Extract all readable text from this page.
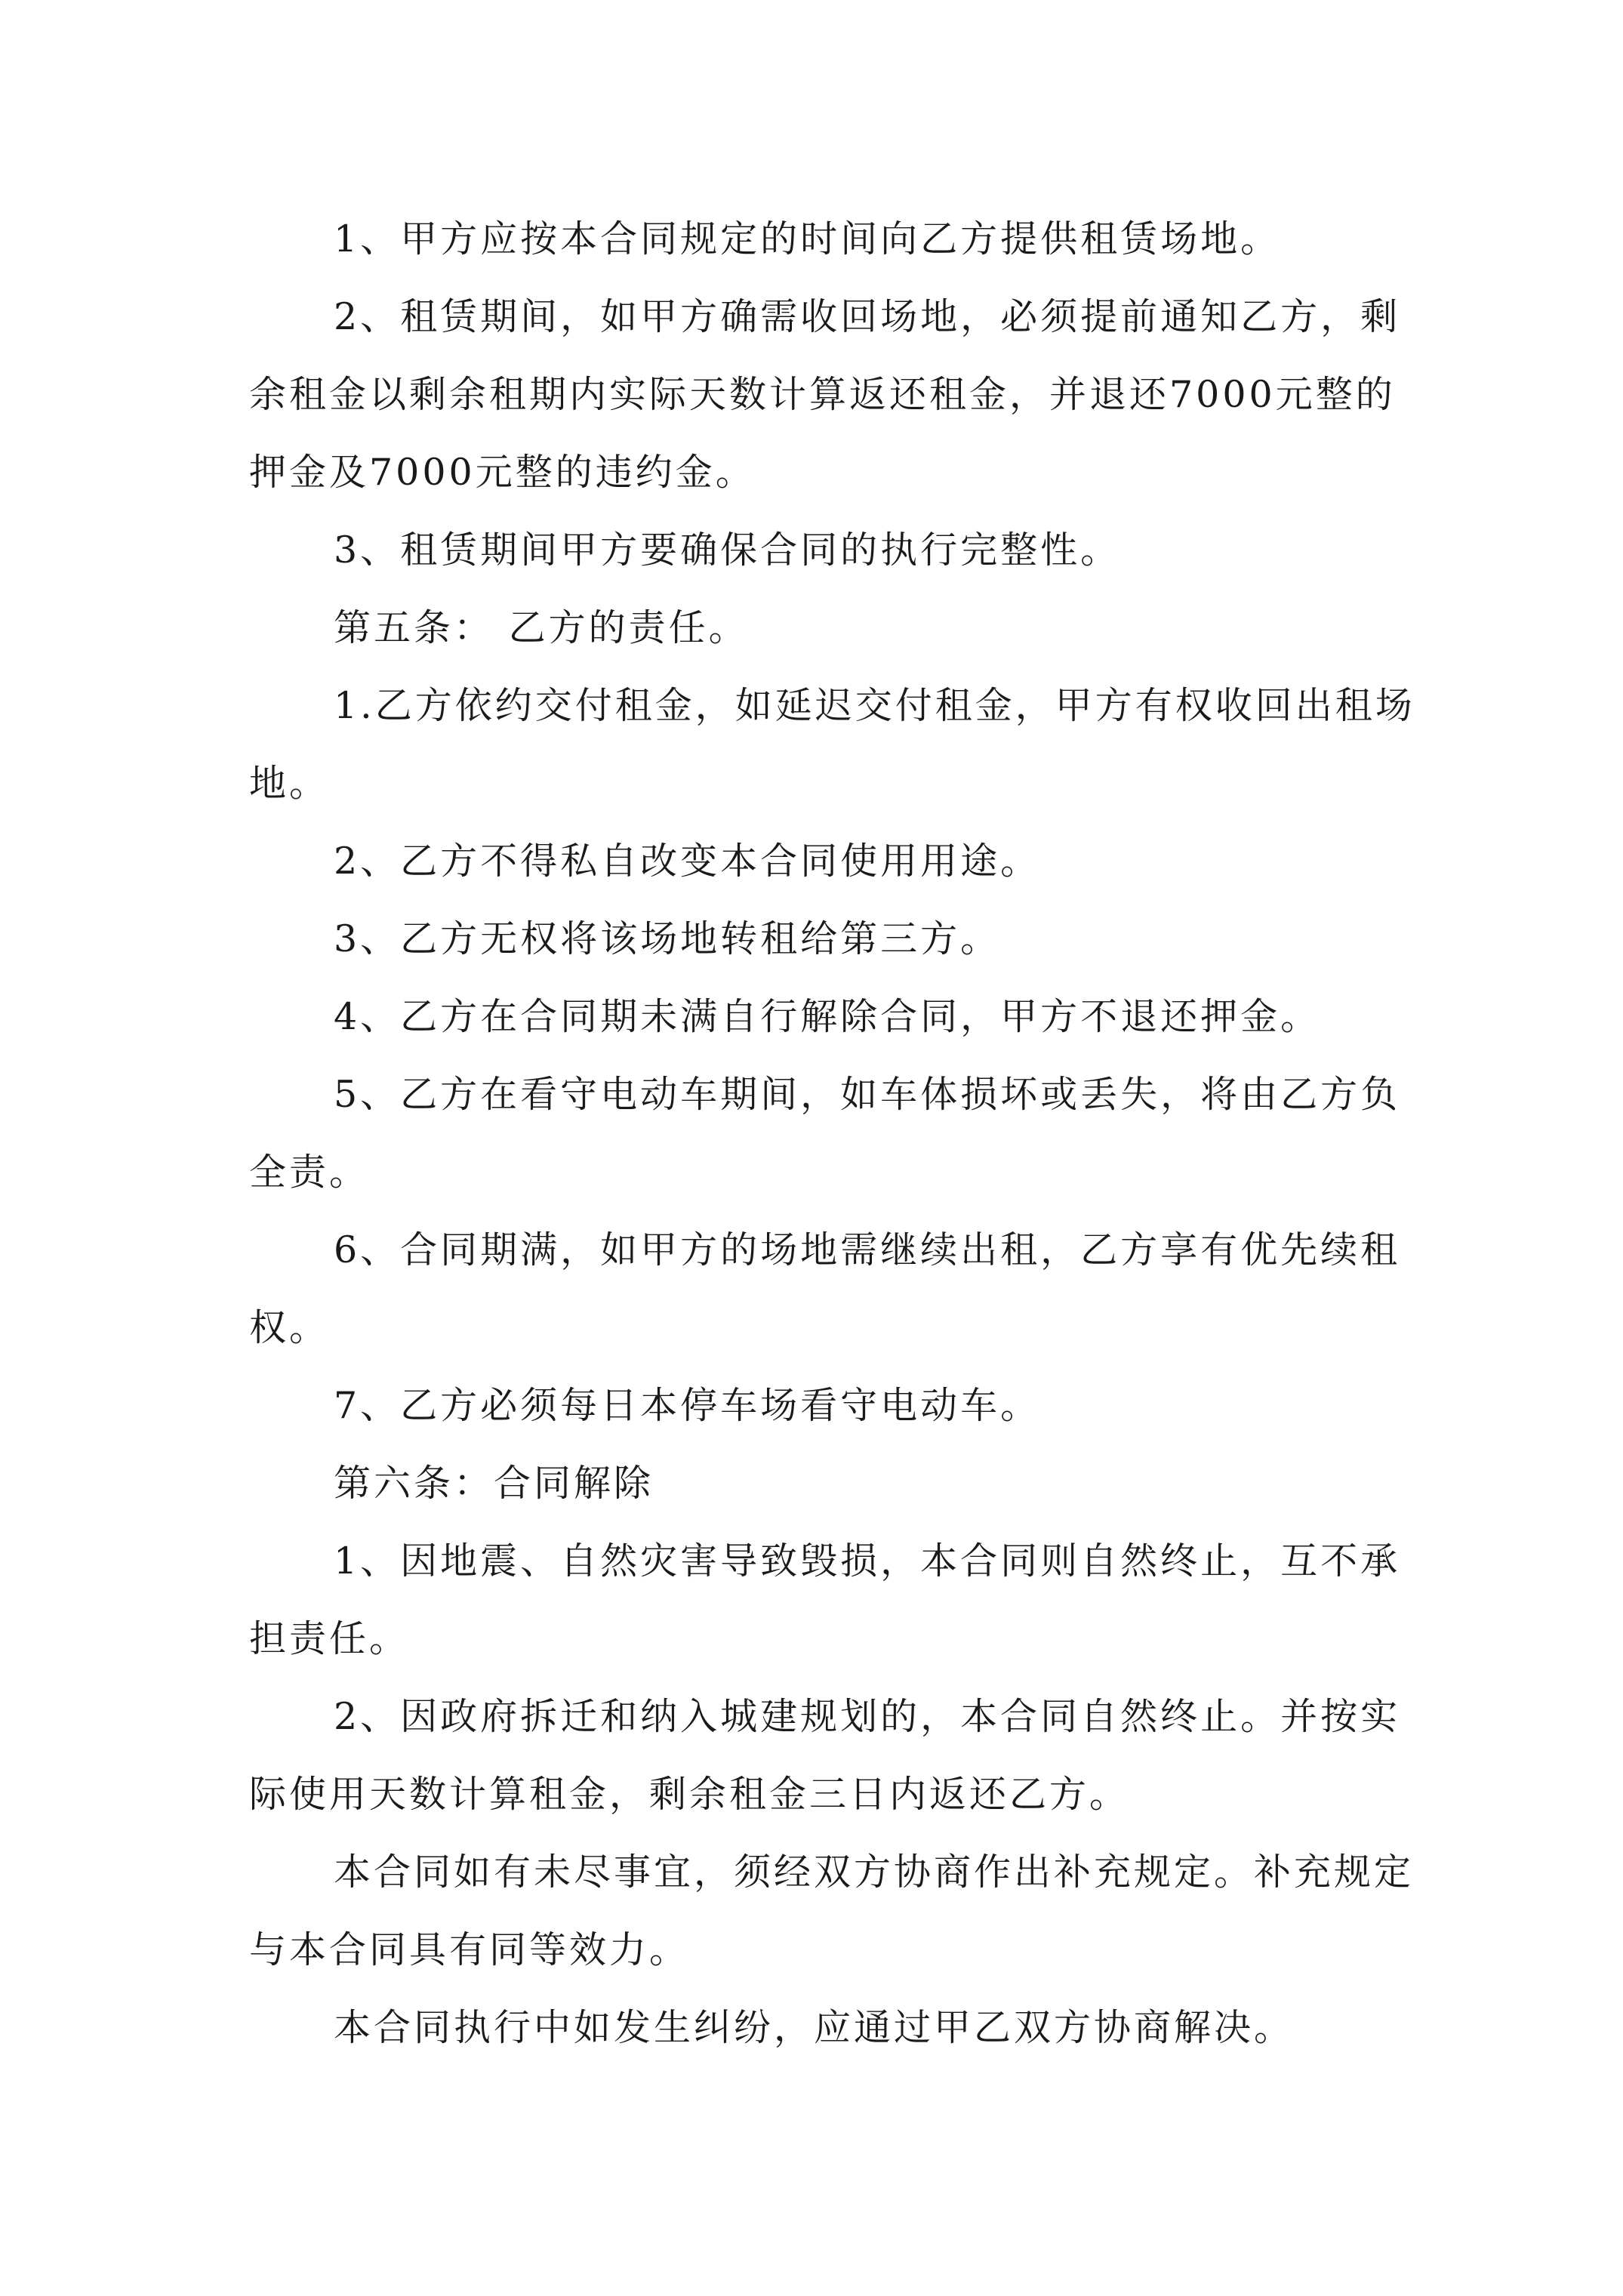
1、甲方应按本合同规定的时间向乙方提供租赁场地。

2、租赁期间，如甲方确需收回场地，必须提前通知乙方，剩余租金以剩余租期内实际天数计算返还租金，并退还7000元整的押金及7000元整的违约金。

3、租赁期间甲方要确保合同的执行完整性。

第五条： 乙方的责任。

1.乙方依约交付租金，如延迟交付租金，甲方有权收回出租场地。

2、乙方不得私自改变本合同使用用途。

3、乙方无权将该场地转租给第三方。

4、乙方在合同期未满自行解除合同，甲方不退还押金。

5、乙方在看守电动车期间，如车体损坏或丢失，将由乙方负全责。

6、合同期满，如甲方的场地需继续出租，乙方享有优先续租权。

7、乙方必须每日本停车场看守电动车。

第六条：合同解除

1、因地震、自然灾害导致毁损，本合同则自然终止，互不承担责任。

2、因政府拆迁和纳入城建规划的，本合同自然终止。并按实际使用天数计算租金，剩余租金三日内返还乙方。

本合同如有未尽事宜，须经双方协商作出补充规定。补充规定与本合同具有同等效力。

本合同执行中如发生纠纷，应通过甲乙双方协商解决。
